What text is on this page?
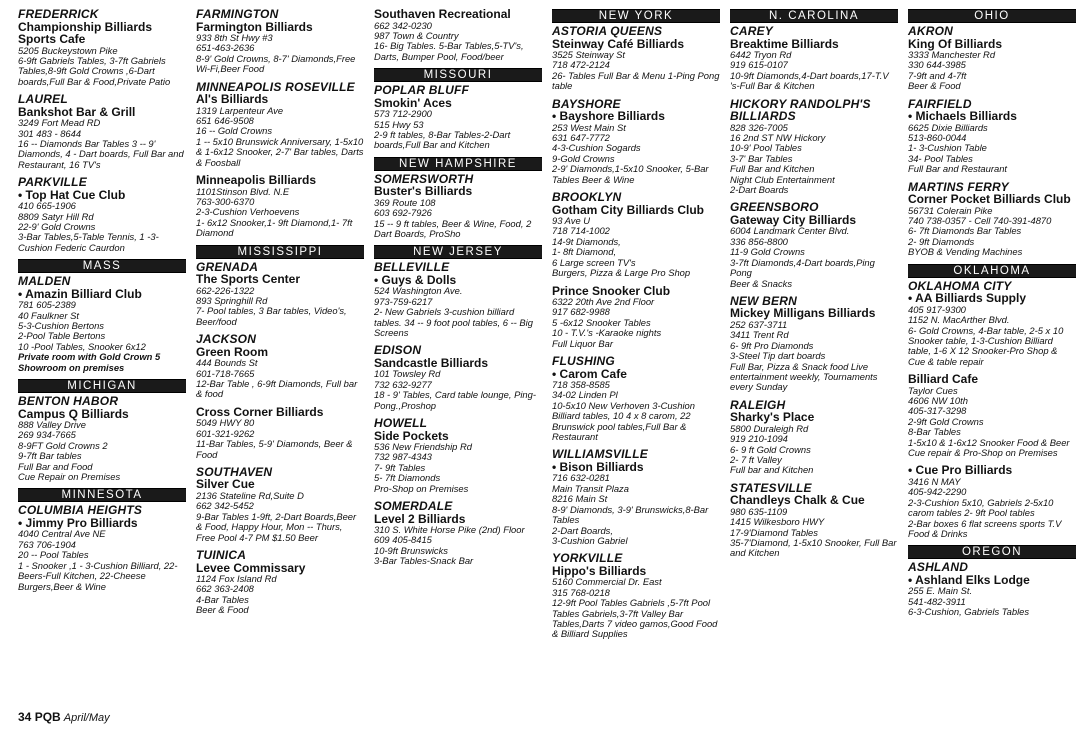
FREDERRICK
Championship Billiards Sports Cafe
5205 Buckeystown Pike
6-9ft Gabriels Tables, 3-7ft Gabriels Tables,8-9ft Gold Crowns ,6-Dart boards,Full Bar & Food,Private Patio
LAUREL
Bankshot Bar & Grill
3249 Fort Mead RD
301 483 - 8644
16 -- Diamonds Bar Tables 3 -- 9' Diamonds, 4 - Dart boards, Full Bar and Restaurant, 16 TV's
PARKVILLE
• Top Hat Cue Club
410 665-1906
8809 Satyr Hill Rd
22-9' Gold Crowns
3-Bar Tables,5-Table Tennis, 1 -3-Cushion Federic Caurdon
MASS
MALDEN
• Amazin Billiard Club
781 605-2389
40 Faulkner St
5-3-Cushion Bertons
2-Pool Table Bertons
10 -Pool Tables, Snooker 6x12
Private room with Gold Crown 5 Showroom on premises
MICHIGAN
BENTON HABOR
Campus Q Billiards
888 Valley Drive
269 934-7665
8-9FT Gold Crowns 2
9-7ft Bar tables
Full Bar and Food
Cue Repair on Premises
MINNESOTA
COLUMBIA HEIGHTS
• Jimmy Pro Billiards
4040 Central Ave NE
763 706-1904
20 -- Pool Tables
1 - Snooker ,1 - 3-Cushion Billiard, 22-Beers-Full Kitchen, 22-Cheese Burgers,Beer & Wine
FARMINGTON
Farmington Billiards
933 8th St Hwy #3
651-463-2636
8-9' Gold Crowns, 8-7' Diamonds,Free Wi-Fi,Beer Food
MINNEAPOLIS ROSEVILLE
Al's Billiards
1319 Larpenteur Ave
651 646-9508
16 -- Gold Crowns
1 -- 5x10 Brunswick Anniversary, 1-5x10 & 1-6x12 Snooker, 2-7' Bar tables, Darts & Foosball
Minneapolis Billiards
1101Stinson Blvd. N.E
763-300-6370
2-3-Cushion Verhoevens
1- 6x12 Snooker,1- 9ft Diamond,1- 7ft Diamond
MISSISSIPPI
GRENADA
The Sports Center
662-226-1322
893 Springhill Rd
7- Pool tables, 3 Bar tables, Video's, Beer/food
JACKSON
Green Room
444 Bounds St
601-718-7665
12-Bar Table , 6-9ft Diamonds, Full bar & food
Cross Corner Billiards
5049 HWY 80
601-321-9262
11-Bar Tables, 5-9' Diamonds, Beer & Food
SOUTHAVEN
Silver Cue
2136 Stateline Rd,Suite D
662 342-5452
9-Bar Tables 1-9ft, 2-Dart Boards,Beer & Food, Happy Hour, Mon -- Thurs, Free Pool 4-7 PM $1.50 Beer
TUINICA
Levee Commissary
1124 Fox Island Rd
662 363-2408
4-Bar Tables
Beer & Food
Southaven Recreational
662 342-0230
987 Town & Country
16- Big Tables. 5-Bar Tables,5-TV's, Darts, Bumper Pool, Food/beer
MISSOURI
POPLAR BLUFF
Smokin' Aces
573 712-2900
515 Hwy 53
2-9 ft tables, 8-Bar Tables-2-Dart boards,Full Bar and Kitchen
NEW HAMPSHIRE
SOMERSWORTH
Buster's Billiards
369 Route 108
603 692-7926
15 -- 9 ft tables, Beer & Wine, Food, 2 Dart Boards, ProSho
NEW JERSEY
BELLEVILLE
• Guys & Dolls
524 Washington Ave.
973-759-6217
2- New Gabriels 3-cushion billiard tables. 34 -- 9 foot pool tables, 6 -- Big Screens
EDISON
Sandcastle Billiards
101 Towsley Rd
732 632-9277
18 - 9' Tables, Card table lounge, Ping-Pong.,Proshop
HOWELL
Side Pockets
536 New Friendship Rd
732 987-4343
7- 9ft Tables
5- 7ft Diamonds
Pro-Shop on Premises
SOMERDALE
Level 2 Billiards
310 S. White Horse Pike (2nd) Floor
609 405-8415
10-9ft Brunswicks
3-Bar Tables-Snack Bar
NEW YORK
ASTORIA QUEENS
Steinway Café Billiards
3525 Steinway St
718 472-2124
26- Tables Full Bar & Menu 1-Ping Pong table
BAYSHORE
• Bayshore Billiards
253 West Main St
631 647-7772
4-3-Cushion Sogards
9-Gold Crowns
2-9' Diamonds,1-5x10 Snooker, 5-Bar Tables Beer & Wine
BROOKLYN
Gotham City Billiards Club
93 Ave U
718 714-1002
14-9t Diamonds,
1- 8ft Diamond,
6 Large screen TV's
Burgers, Pizza & Large Pro Shop
Prince Snooker Club
6322 20th Ave 2nd Floor
917 682-9988
5 -6x12 Snooker Tables
10 - T.V.'s -Karaoke nights
Full Liquor Bar
FLUSHING
• Carom Cafe
718 358-8585
34-02 Linden Pl
10-5x10 New Verhoven 3-Cushion Billiard tables, 10 4 x 8 carom, 22 Brunswick pool tables,Full Bar & Restaurant
WILLIAMSVILLE
• Bison Billiards
716 632-0281
Main Transit Plaza
8216 Main St
8-9' Diamonds, 3-9' Brunswicks,8-Bar Tables
2-Dart Boards,
3-Cushion Gabriel
YORKVILLE
Hippo's Billiards
5160 Commercial Dr. East
315 768-0218
12-9ft Pool Tables Gabriels ,5-7ft Pool Tables Gabriels,3-7ft Valley Bar Tables,Darts 7 video gamos,Good Food & Billiard Supplies
N. CAROLINA
CAREY
Breaktime Billiards
6442 Tryon Rd
919 615-0107
10-9ft Diamonds,4-Dart boards,17-T.V 's-Full Bar & Kitchen
HICKORY RANDOLPH'S BILLIARDS
828 326-7005
16 2nd ST NW Hickory
10-9' Pool Tables
3-7' Bar Tables
Full Bar and Kitchen
Night Club Entertainment
2-Dart Boards
GREENSBORO
Gateway City Billiards
6004 Landmark Center Blvd.
336 856-8800
11-9 Gold Crowns
3-7ft Diamonds,4-Dart boards,Ping Pong
Beer & Snacks
NEW BERN
Mickey Milligans Billiards
252 637-3711
3411 Trent Rd
6- 9ft Pro Diamonds
3-Steel Tip dart boards
Full Bar, Pizza & Snack food Live entertainment weekly, Tournaments every Sunday
RALEIGH
Sharky's Place
5800 Duraleigh Rd
919 210-1094
6- 9 ft Gold Crowns
2- 7 ft Valley
Full bar and Kitchen
STATESVILLE
Chandleys Chalk & Cue
980 635-1109
1415 Wilkesboro HWY
17-9'Diamond Tables
35-7'Diamond, 1-5x10 Snooker, Full Bar and Kitchen
OHIO
AKRON
King Of Billiards
3333 Manchester Rd
330 644-3985
7-9ft and 4-7ft
Beer & Food
FAIRFIELD
• Michaels Billiards
6625 Dixie Billiards
513-860-0044
1- 3-Cushion Table
34- Pool Tables
Full Bar and Restaurant
MARTINS FERRY
Corner Pocket Billiards Club
56731 Colerain Pike
740 738-0357 - Cell 740-391-4870
6- 7ft Diamonds Bar Tables
2- 9ft Diamonds
BYOB & Vending Machines
OKLAHOMA
OKLAHOMA CITY
• AA Billiards Supply
405 917-9300
1152 N. MacArther Blvd.
6- Gold Crowns, 4-Bar table, 2-5 x 10 Snooker table, 1-3-Cushion Billiard table, 1-6 X 12 Snooker-Pro Shop & Cue & table repair
Billiard Cafe
Taylor Cues
4606 NW 10th
405-317-3298
2-9ft Gold Crowns
8-Bar Tables
1-5x10 & 1-6x12 Snooker Food & Beer
Cue repair & Pro-Shop on Premises
• Cue Pro Billiards
3416 N MAY
405-942-2290
2-3-Cushion 5x10, Gabriels 2-5x10 carom tables 2- 9ft Pool tables
2-Bar boxes 6 flat screens sports T.V Food & Drinks
OREGON
ASHLAND
• Ashland Elks Lodge
255 E. Main St.
541-482-3911
6-3-Cushion, Gabriels Tables
34 PQB April/May
